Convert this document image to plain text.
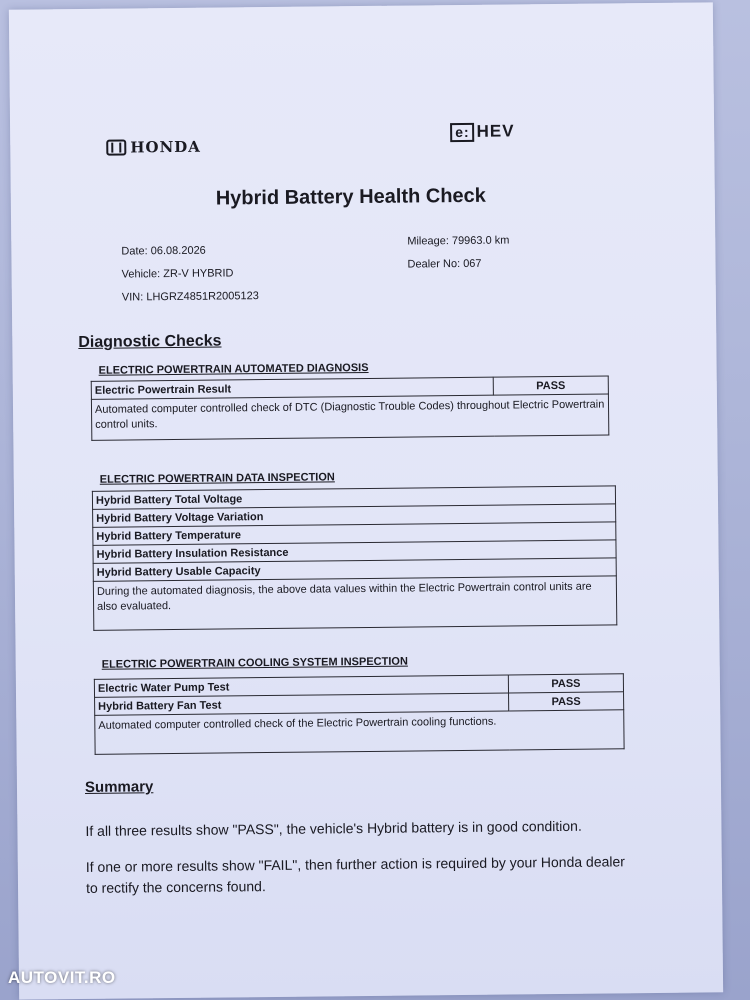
HONDA
e: HEV
Hybrid Battery Health Check
Date: 06.08.2026
Vehicle: ZR-V HYBRID
VIN: LHGRZ4851R2005123
Mileage: 79963.0 km
Dealer No: 067
Diagnostic Checks
ELECTRIC POWERTRAIN AUTOMATED DIAGNOSIS
Electric Powertrain Result	PASS
Automated computer controlled check of DTC (Diagnostic Trouble Codes) throughout Electric Powertrain control units.
ELECTRIC POWERTRAIN DATA INSPECTION
Hybrid Battery Total Voltage
Hybrid Battery Voltage Variation
Hybrid Battery Temperature
Hybrid Battery Insulation Resistance
Hybrid Battery Usable Capacity
During the automated diagnosis, the above data values within the Electric Powertrain control units are also evaluated.
ELECTRIC POWERTRAIN COOLING SYSTEM INSPECTION
Electric Water Pump Test	PASS
Hybrid Battery Fan Test	PASS
Automated computer controlled check of the Electric Powertrain cooling functions.	
Summary

If all three results show "PASS", the vehicle's Hybrid battery is in good condition.

If one or more results show "FAIL", then further action is required by your Honda dealer to rectify the concerns found.

AUTOVIT.RO
